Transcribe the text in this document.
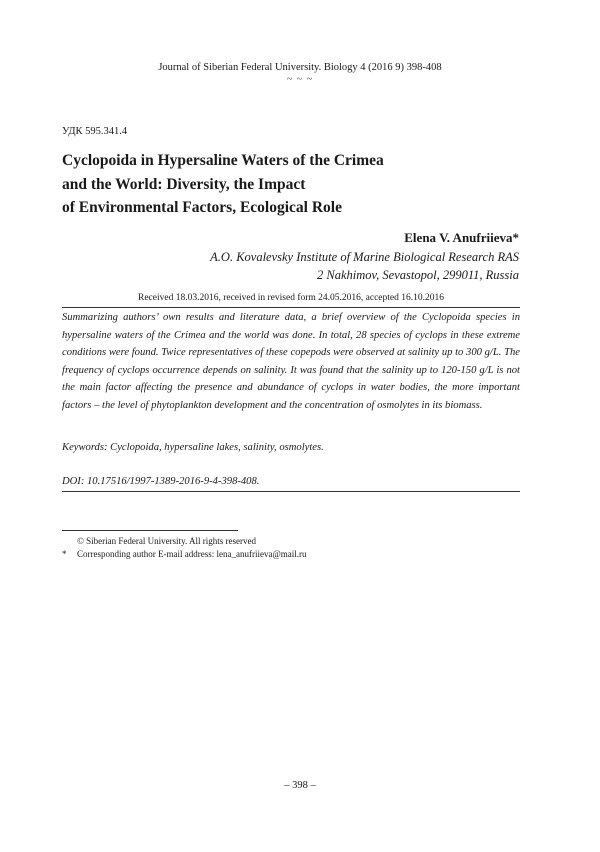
Journal of Siberian Federal University. Biology 4 (2016 9) 398-408
~ ~ ~
УДК 595.341.4
Cyclopoida in Hypersaline Waters of the Crimea
and the World: Diversity, the Impact
of Environmental Factors, Ecological Role
Elena V. Anufriieva*
A.O. Kovalevsky Institute of Marine Biological Research RAS
2 Nakhimov, Sevastopol, 299011, Russia
Received 18.03.2016, received in revised form 24.05.2016, accepted 16.10.2016
Summarizing authors’ own results and literature data, a brief overview of the Cyclopoida species in hypersaline waters of the Crimea and the world was done. In total, 28 species of cyclops in these extreme conditions were found. Twice representatives of these copepods were observed at salinity up to 300 g/L. The frequency of cyclops occurrence depends on salinity. It was found that the salinity up to 120-150 g/L is not the main factor affecting the presence and abundance of cyclops in water bodies, the more important factors – the level of phytoplankton development and the concentration of osmolytes in its biomass.
Keywords: Cyclopoida, hypersaline lakes, salinity, osmolytes.
DOI: 10.17516/1997-1389-2016-9-4-398-408.
© Siberian Federal University. All rights reserved
* Corresponding author E-mail address: lena_anufriieva@mail.ru
– 398 –
